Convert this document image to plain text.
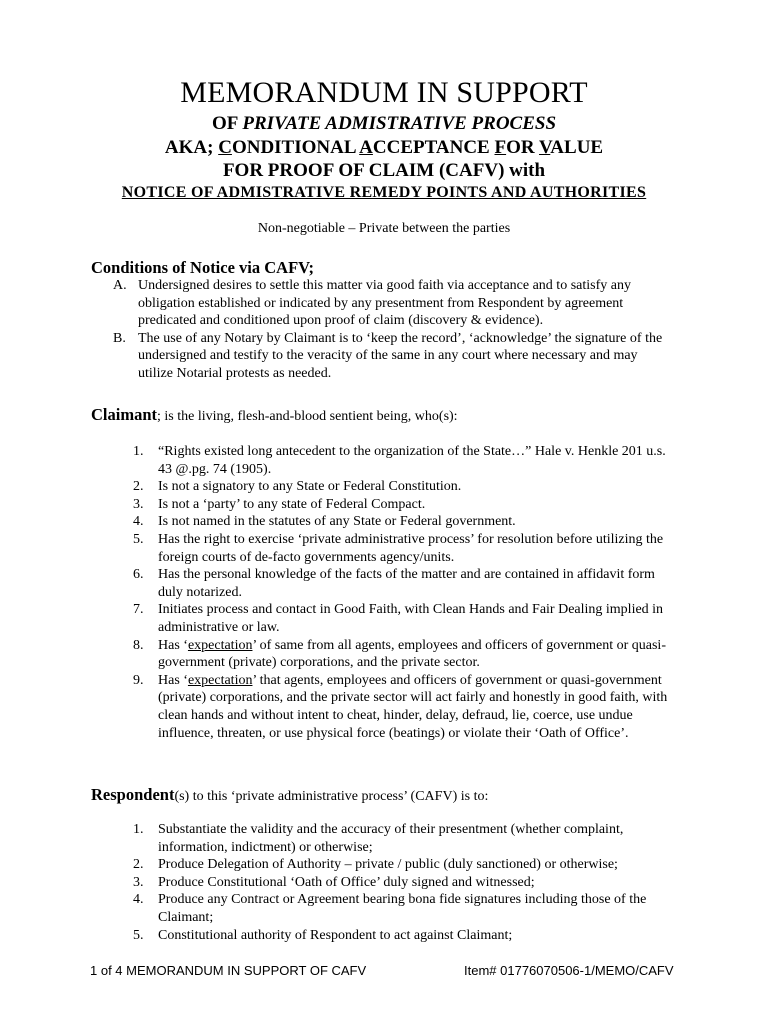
MEMORANDUM IN SUPPORT
OF PRIVATE ADMISTRATIVE PROCESS
AKA; CONDITIONAL ACCEPTANCE FOR VALUE
FOR PROOF OF CLAIM (CAFV) with
NOTICE OF ADMISTRATIVE REMEDY POINTS AND AUTHORITIES
Non-negotiable – Private between the parties
Conditions of Notice via CAFV;
A. Undersigned desires to settle this matter via good faith via acceptance and to satisfy any obligation established or indicated by any presentment from Respondent by agreement predicated and conditioned upon proof of claim (discovery & evidence).
B. The use of any Notary by Claimant is to ‘keep the record’, ‘acknowledge’ the signature of the undersigned and testify to the veracity of the same in any court where necessary and may utilize Notarial protests as needed.
Claimant; is the living, flesh-and-blood sentient being, who(s):
1.	“Rights existed long antecedent to the organization of the State…” Hale v. Henkle 201 u.s. 43 @.pg. 74 (1905).
2.	Is not a signatory to any State or Federal Constitution.
3.	Is not a ‘party’ to any state of Federal Compact.
4.	Is not named in the statutes of any State or Federal government.
5.	Has the right to exercise ‘private administrative process’ for resolution before utilizing the foreign courts of de-facto governments agency/units.
6.	Has the personal knowledge of the facts of the matter and are contained in affidavit form duly notarized.
7.	Initiates process and contact in Good Faith, with Clean Hands and Fair Dealing implied in administrative or law.
8.	Has ‘expectation’ of same from all agents, employees and officers of government or quasi-government (private) corporations, and the private sector.
9.	Has ‘expectation’ that agents, employees and officers of government or quasi-government (private) corporations, and the private sector will act fairly and honestly in good faith, with clean hands and without intent to cheat, hinder, delay, defraud, lie, coerce, use undue influence, threaten, or use physical force (beatings) or violate their ‘Oath of Office’.
Respondent(s) to this ‘private administrative process’ (CAFV) is to:
1.	Substantiate the validity and the accuracy of their presentment (whether complaint, information, indictment) or otherwise;
2.	Produce Delegation of Authority – private / public (duly sanctioned) or otherwise;
3.	Produce Constitutional ‘Oath of Office’ duly signed and witnessed;
4.	Produce any Contract or Agreement bearing bona fide signatures including those of the Claimant;
5.	Constitutional authority of Respondent to act against Claimant;
1 of 4 MEMORANDUM IN SUPPORT OF CAFV	Item# 01776070506-1/MEMO/CAFV
